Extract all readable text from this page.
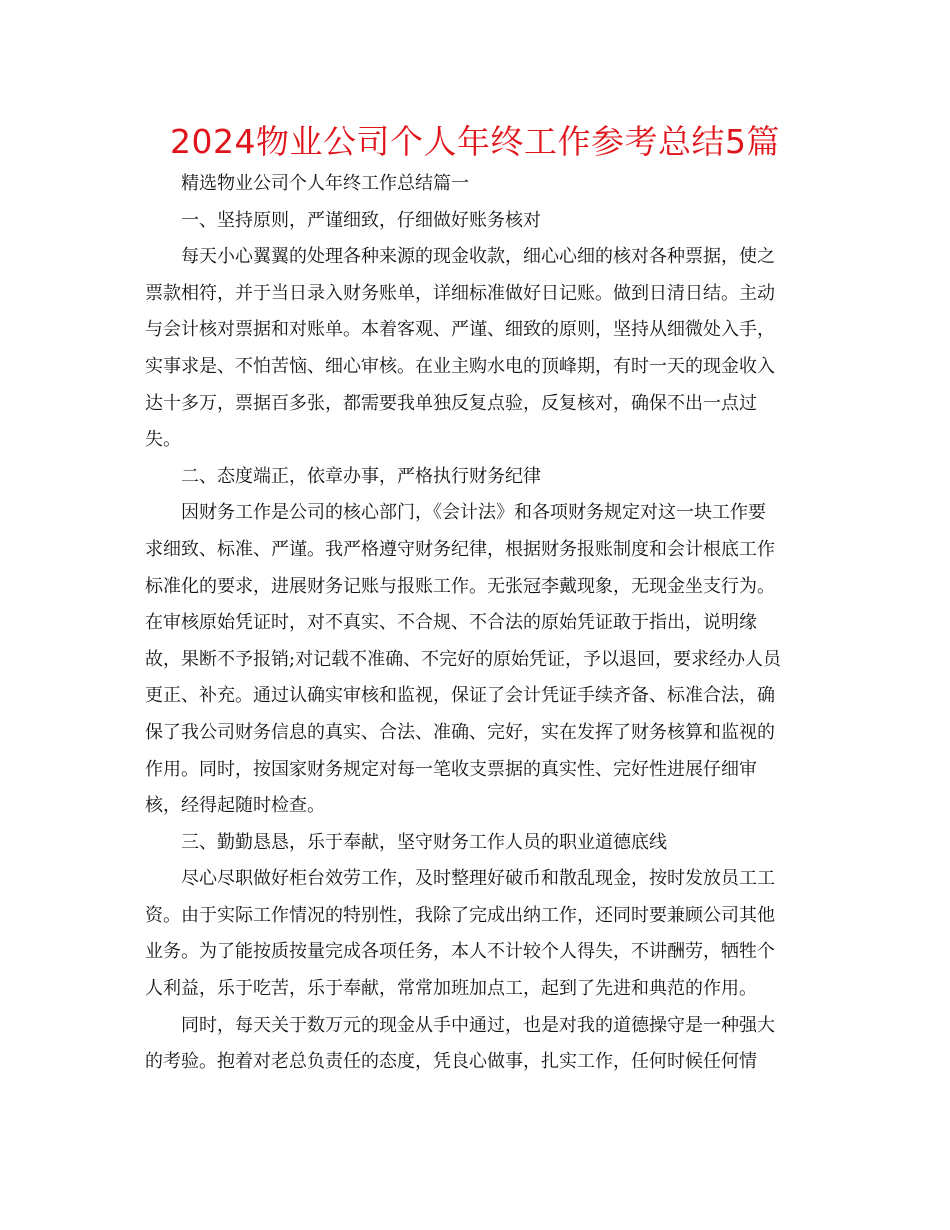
2024物业公司个人年终工作参考总结5篇
精选物业公司个人年终工作总结篇一
一、坚持原则，严谨细致，仔细做好账务核对
每天小心翼翼的处理各种来源的现金收款，细心心细的核对各种票据，使之
票款相符，并于当日录入财务账单，详细标准做好日记账。做到日清日结。主动
与会计核对票据和对账单。本着客观、严谨、细致的原则，坚持从细微处入手，
实事求是、不怕苦恼、细心审核。在业主购水电的顶峰期，有时一天的现金收入
达十多万，票据百多张，都需要我单独反复点验，反复核对，确保不出一点过
失。
二、态度端正，依章办事，严格执行财务纪律
因财务工作是公司的核心部门，《会计法》和各项财务规定对这一块工作要
求细致、标准、严谨。我严格遵守财务纪律，根据财务报账制度和会计根底工作
标准化的要求，进展财务记账与报账工作。无张冠李戴现象，无现金坐支行为。
在审核原始凭证时，对不真实、不合规、不合法的原始凭证敢于指出，说明缘
故，果断不予报销;对记载不准确、不完好的原始凭证，予以退回，要求经办人员
更正、补充。通过认确实审核和监视，保证了会计凭证手续齐备、标准合法，确
保了我公司财务信息的真实、合法、准确、完好，实在发挥了财务核算和监视的
作用。同时，按国家财务规定对每一笔收支票据的真实性、完好性进展仔细审
核，经得起随时检查。
三、勤勤恳恳，乐于奉献，坚守财务工作人员的职业道德底线
尽心尽职做好柜台效劳工作，及时整理好破币和散乱现金，按时发放员工工
资。由于实际工作情况的特别性，我除了完成出纳工作，还同时要兼顾公司其他
业务。为了能按质按量完成各项任务，本人不计较个人得失，不讲酬劳，牺牲个
人利益，乐于吃苦，乐于奉献，常常加班加点工，起到了先进和典范的作用。
同时，每天关于数万元的现金从手中通过，也是对我的道德操守是一种强大
的考验。抱着对老总负责任的态度，凭良心做事，扎实工作，任何时候任何情
